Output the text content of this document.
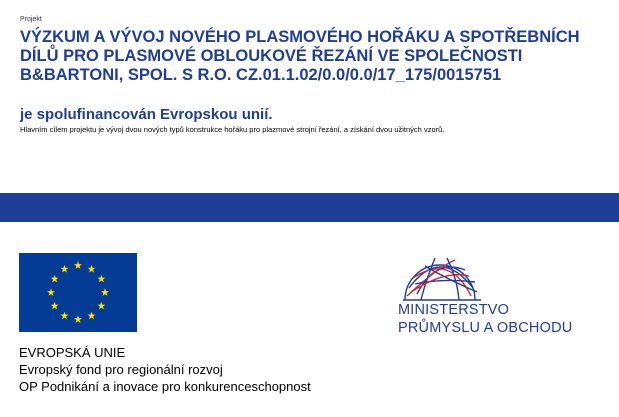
Projekt
VÝZKUM A VÝVOJ NOVÉHO PLASMOVÉHO HOŘÁKU A SPOTŘEBNÍCH
DÍLŮ PRO PLASMOVÉ OBLOUKOVÉ ŘEZÁNÍ VE SPOLEČNOSTI
B&BARTONI, SPOL. S R.O. CZ.01.1.02/0.0/0.0/17_175/0015751
je spolufinancován Evropskou unií.
Hlavním cílem projektu je vývoj dvou nových typů konstrukce hořáku pro plazmové strojní řezání, a získání dvou užitných vzorů.
EVROPSKÁ UNIE
Evropský fond pro regionální rozvoj
OP Podnikání a inovace pro konkurenceschopnost
MINISTERSTVO
PRŮMYSLU A OBCHODU
